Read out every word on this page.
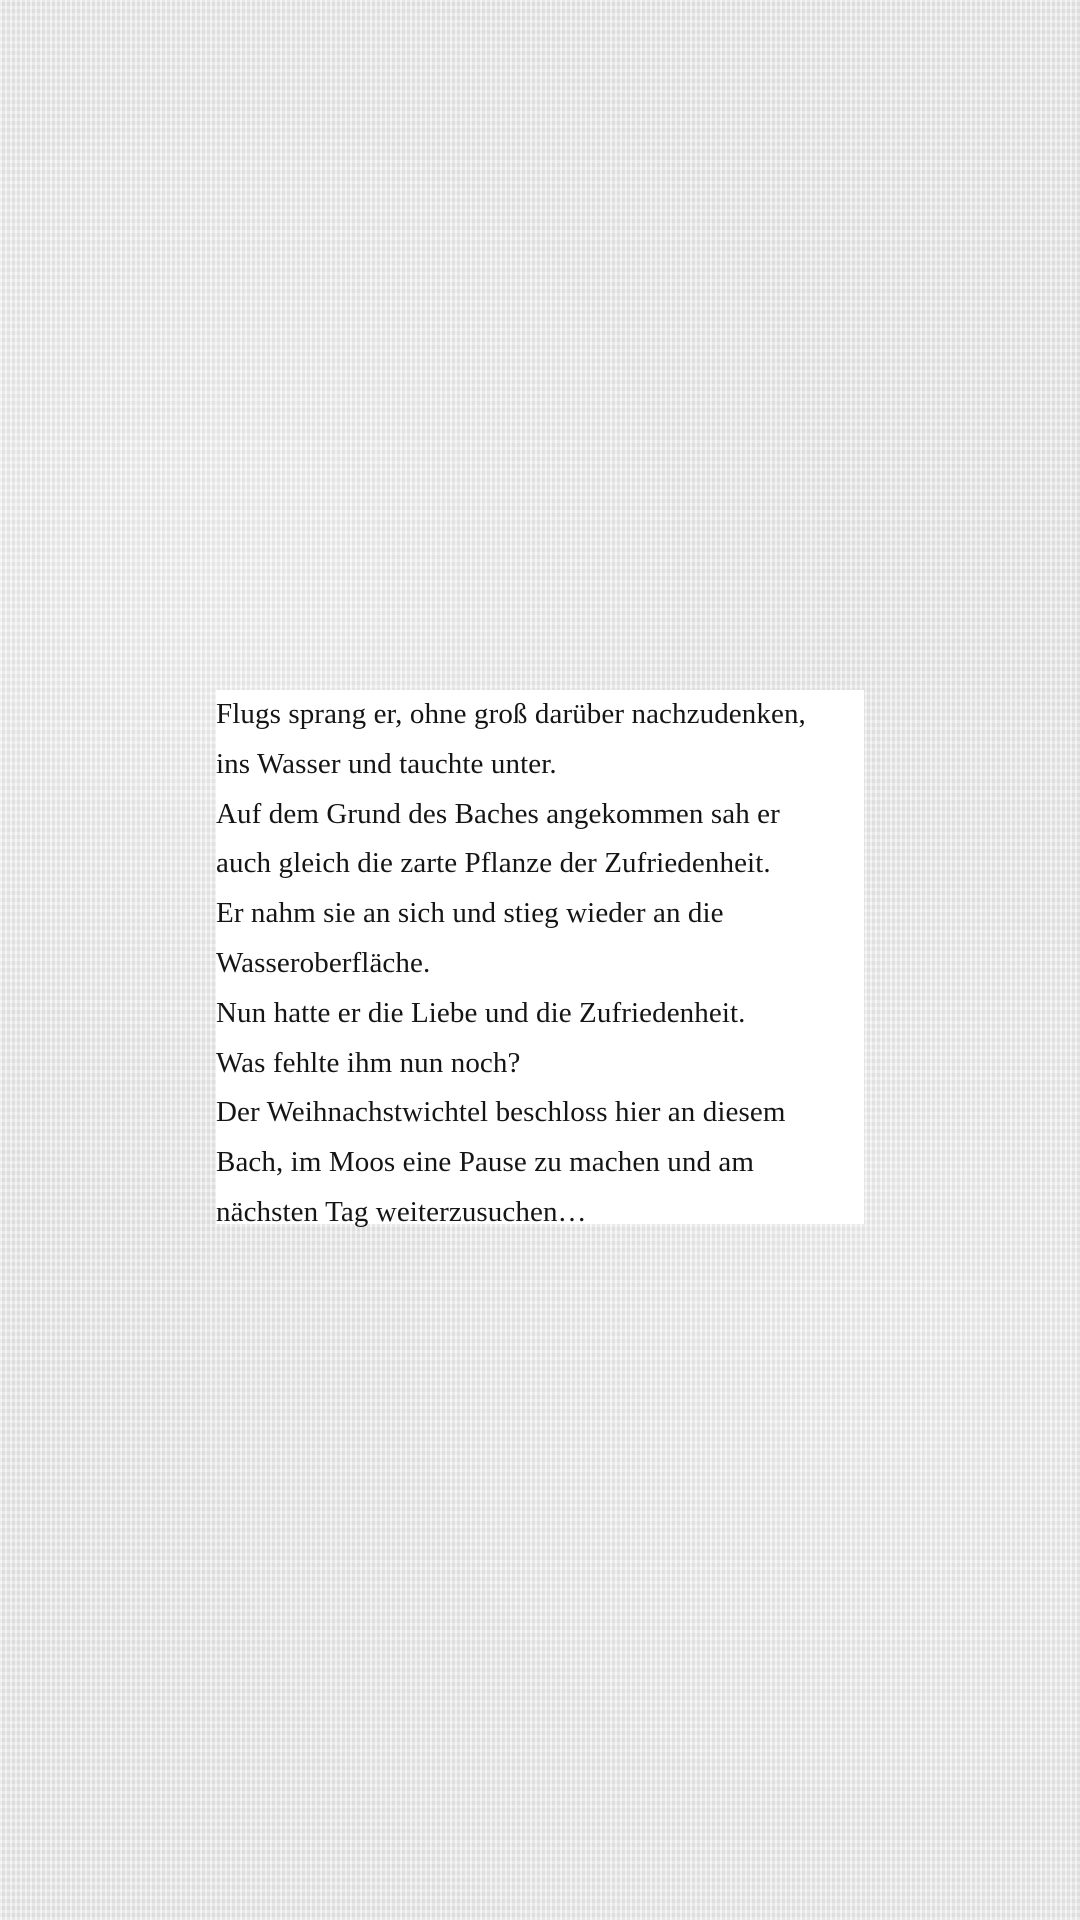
Flugs sprang er, ohne groß darüber nachzudenken,
ins Wasser und tauchte unter.
Auf dem Grund des Baches angekommen sah er
auch gleich die zarte Pflanze der Zufriedenheit.
Er nahm sie an sich und stieg wieder an die
Wasseroberfläche.
Nun hatte er die Liebe und die Zufriedenheit.
Was fehlte ihm nun noch?
Der Weihnachstwichtel beschloss hier an diesem
Bach, im Moos eine Pause zu machen und am
nächsten Tag weiterzusuchen…
